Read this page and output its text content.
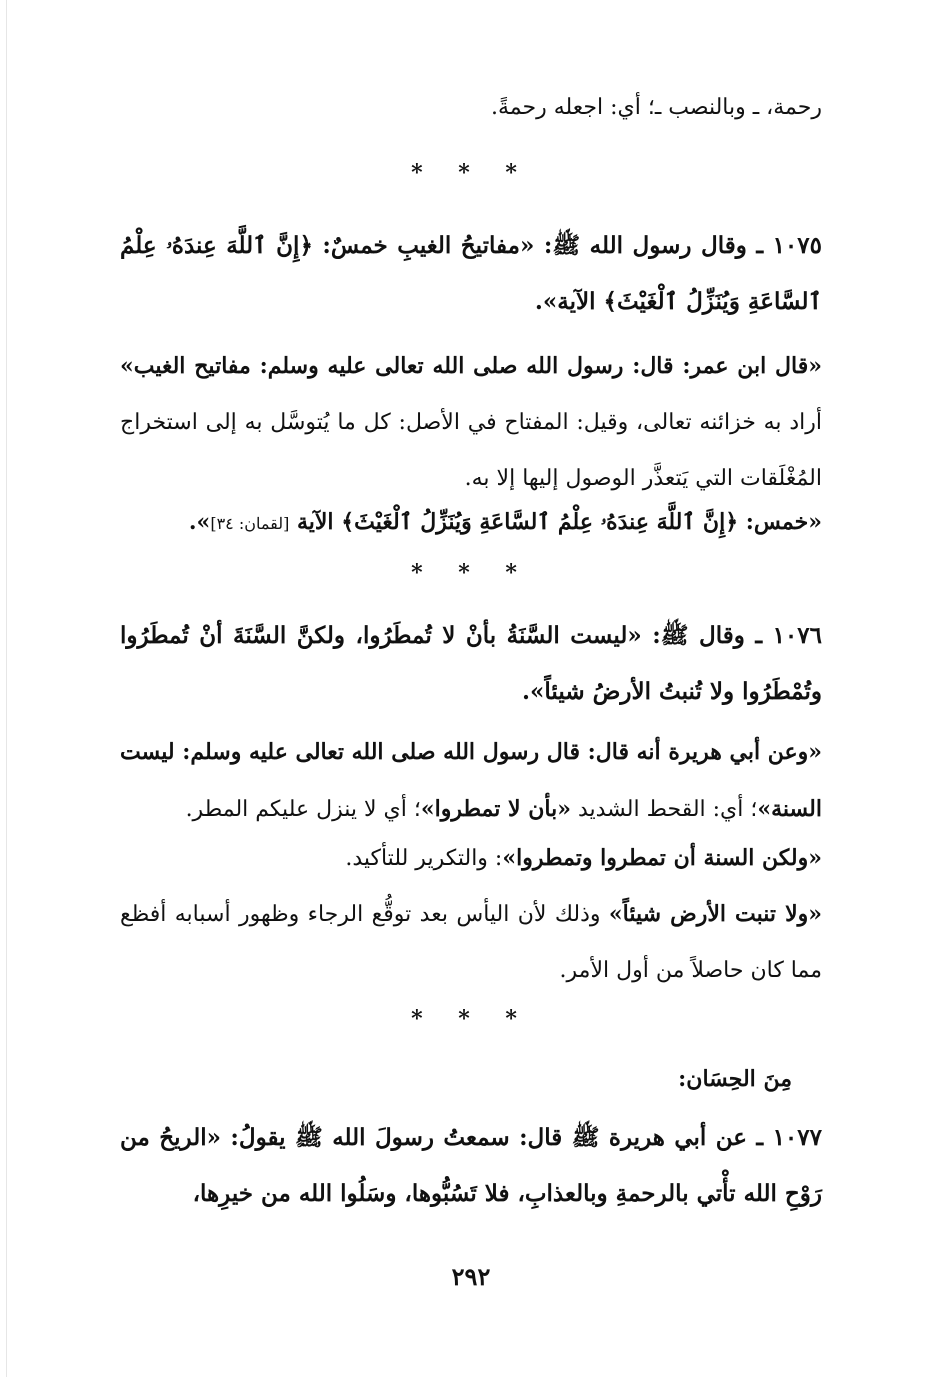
رحمة، ـ وبالنصب ـ؛ أي: اجعله رحمةً.

* * *

١٠٧٥ ـ وقال رسول الله ﷺ: «مفاتيحُ الغيبِ خمسٌ: ﴿إِنَّ ٱللَّهَ عِندَهُۥ عِلْمُ ٱلسَّاعَةِ وَيُنَزِّلُ ٱلْغَيْثَ﴾ الآية».

«قال ابن عمر: قال: رسول الله صلى الله تعالى عليه وسلم: مفاتيح الغيب» أراد به خزائنه تعالى، وقيل: المفتاح في الأصل: كل ما يُتوسَّل به إلى استخراج المُغْلَقات التي يَتعذَّر الوصول إليها إلا به.

«خمس: ﴿إِنَّ ٱللَّهَ عِندَهُۥ عِلْمُ ٱلسَّاعَةِ وَيُنَزِّلُ ٱلْغَيْثَ﴾ الآية [لقمان: ٣٤]».

* * *

١٠٧٦ ـ وقال ﷺ: «ليست السَّنَةُ بأنْ لا تُمطَرُوا، ولكنَّ السَّنَةَ أنْ تُمطَرُوا وتُمْطَرُوا ولا تُنبتُ الأرضُ شيئاً».

«وعن أبي هريرة أنه قال: قال رسول الله صلى الله تعالى عليه وسلم: ليست السنة»؛ أي: القحط الشديد «بأن لا تمطروا»؛ أي لا ينزل عليكم المطر.

«ولكن السنة أن تمطروا وتمطروا»: والتكرير للتأكيد.

«ولا تنبت الأرض شيئاً» وذلك لأن اليأس بعد توقُّع الرجاء وظهور أسبابه أفظع مما كان حاصلاً من أول الأمر.

* * *
مِنَ الحِسَان:

١٠٧٧ ـ عن أبي هريرة ﷺ قال: سمعتُ رسولَ الله ﷺ يقولُ: «الريحُ من رَوْحِ الله تأْتي بالرحمةِ وبالعذابِ، فلا تَسُبُّوها، وسَلُوا الله من خيرِها،

٢٩٢
